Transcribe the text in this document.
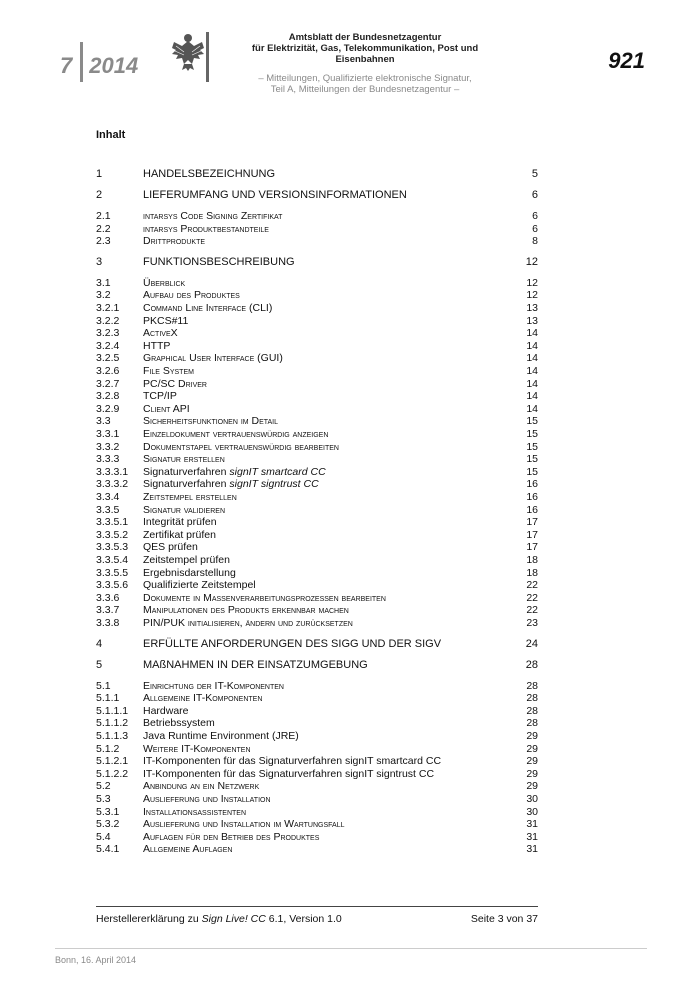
7 2014
Amtsblatt der Bundesnetzagentur
für Elektrizität, Gas, Telekommunikation, Post und Eisenbahnen
– Mitteilungen, Qualifizierte elektronische Signatur,
Teil A, Mitteilungen der Bundesnetzagentur –
921
Inhalt
1	HANDELSBEZEICHNUNG	5
2	LIEFERUMFANG UND VERSIONSINFORMATIONEN	6
2.1	intarsys Code Signing Zertifikat	6
2.2	intarsys Produktbestandteile	6
2.3	Drittprodukte	8
3	FUNKTIONSBESCHREIBUNG	12
3.1	Überblick	12
3.2	Aufbau des Produktes	12
3.2.1 Command Line Interface (CLI)	13
3.2.2 PKCS#11	13
3.2.3 ActiveX	14
3.2.4 HTTP	14
3.2.5 Graphical User Interface (GUI)	14
3.2.6 File System	14
3.2.7 PC/SC Driver	14
3.2.8 TCP/IP	14
3.2.9 Client API	14
3.3	Sicherheitsfunktionen im Detail	15
3.3.1 Einzeldokument vertrauenswürdig anzeigen	15
3.3.2 Dokumentstapel vertrauenswürdig bearbeiten	15
3.3.3 Signatur erstellen	15
3.3.3.1 Signaturverfahren signIT smartcard CC	15
3.3.3.2 Signaturverfahren signIT signtrust CC	16
3.3.4 Zeitstempel erstellen	16
3.3.5 Signatur validieren	16
3.3.5.1 Integrität prüfen	17
3.3.5.2 Zertifikat prüfen	17
3.3.5.3 QES prüfen	17
3.3.5.4 Zeitstempel prüfen	18
3.3.5.5 Ergebnisdarstellung	18
3.3.5.6 Qualifizierte Zeitstempel	22
3.3.6 Dokumente in Massenverarbeitungsprozessen bearbeiten	22
3.3.7 Manipulationen des Produkts erkennbar machen	22
3.3.8 PIN/PUK initialisieren, ändern und zurücksetzen	23
4	ERFÜLLTE ANFORDERUNGEN DES SIGG UND DER SIGV	24
5	MAßNAHMEN IN DER EINSATZUMGEBUNG	28
5.1	Einrichtung der IT-Komponenten	28
5.1.1 Allgemeine IT-Komponenten	28
5.1.1.1 Hardware	28
5.1.1.2 Betriebssystem	28
5.1.1.3 Java Runtime Environment (JRE)	29
5.1.2 Weitere IT-Komponenten	29
5.1.2.1 IT-Komponenten für das Signaturverfahren signIT smartcard CC	29
5.1.2.2 IT-Komponenten für das Signaturverfahren signIT signtrust CC	29
5.2	Anbindung an ein Netzwerk	29
5.3	Auslieferung und Installation	30
5.3.1 Installationsassistenten	30
5.3.2 Auslieferung und Installation im Wartungsfall	31
5.4	Auflagen für den Betrieb des Produktes	31
5.4.1 Allgemeine Auflagen	31
Herstellererklärung zu Sign Live! CC 6.1, Version 1.0	Seite 3 von 37
Bonn, 16. April 2014
